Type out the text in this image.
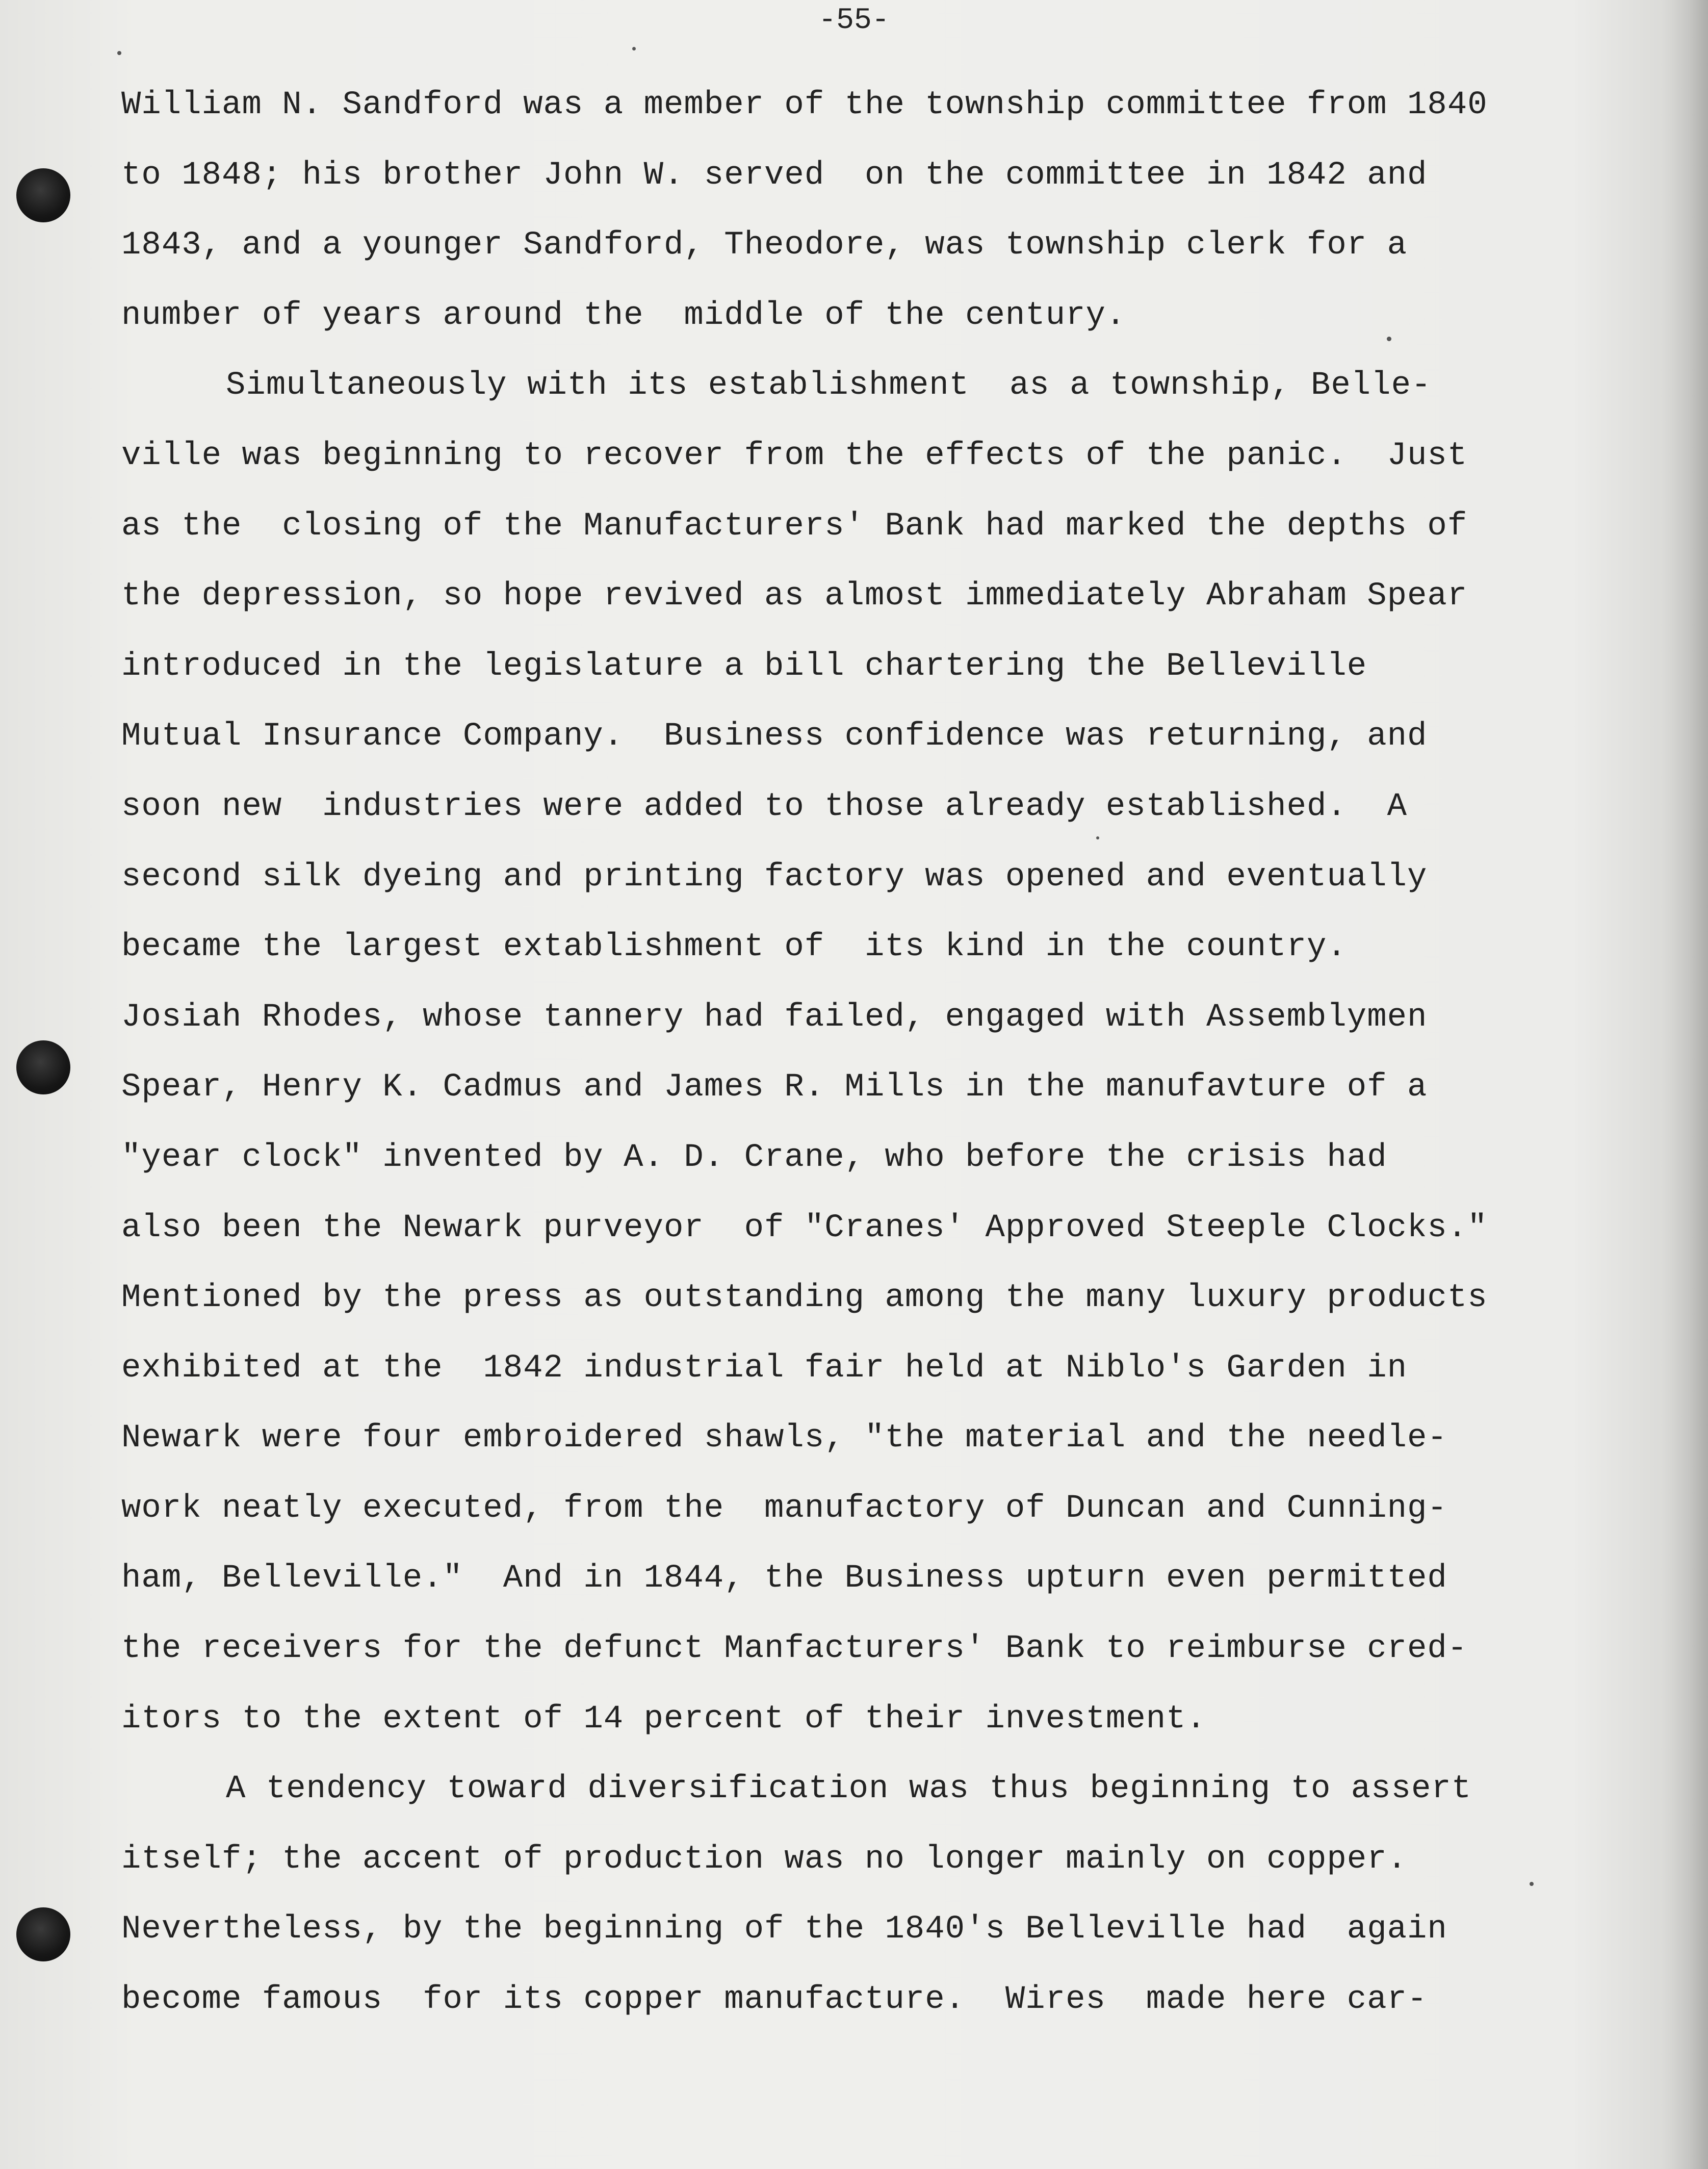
-55-
William N. Sandford was a member of the township committee from 1840
to 1848; his brother John W. served  on the committee in 1842 and
1843, and a younger Sandford, Theodore, was township clerk for a
number of years around the  middle of the century.
Simultaneously with its establishment  as a township, Belle-
ville was beginning to recover from the effects of the panic.  Just
as the  closing of the Manufacturers' Bank had marked the depths of
the depression, so hope revived as almost immediately Abraham Spear
introduced in the legislature a bill chartering the Belleville
Mutual Insurance Company.  Business confidence was returning, and
soon new  industries were added to those already established.  A
second silk dyeing and printing factory was opened and eventually
became the largest extablishment of  its kind in the country.
Josiah Rhodes, whose tannery had failed, engaged with Assemblymen
Spear, Henry K. Cadmus and James R. Mills in the manufavture of a
"year clock" invented by A. D. Crane, who before the crisis had
also been the Newark purveyor  of "Cranes' Approved Steeple Clocks."
Mentioned by the press as outstanding among the many luxury products
exhibited at the  1842 industrial fair held at Niblo's Garden in
Newark were four embroidered shawls, "the material and the needle-
work neatly executed, from the  manufactory of Duncan and Cunning-
ham, Belleville."  And in 1844, the Business upturn even permitted
the receivers for the defunct Manfacturers' Bank to reimburse cred-
itors to the extent of 14 percent of their investment.
A tendency toward diversification was thus beginning to assert
itself; the accent of production was no longer mainly on copper.
Nevertheless, by the beginning of the 1840's Belleville had  again
become famous  for its copper manufacture.  Wires  made here car-
